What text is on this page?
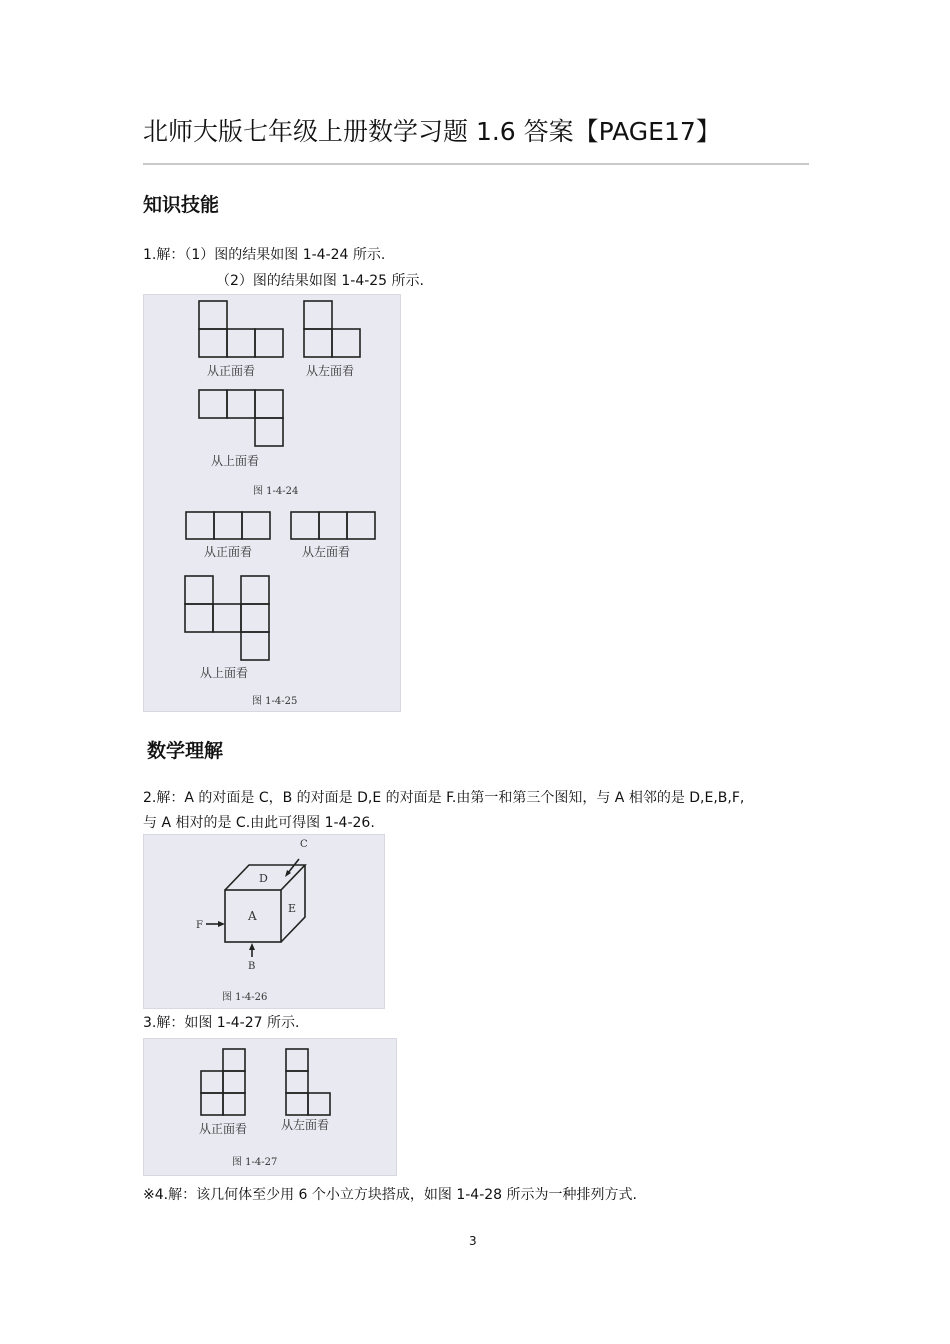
北师大版七年级上册数学习题 1.6 答案【PAGE17】
知识技能
1.解：（1）图的结果如图 1-4-24 所示.
（2）图的结果如图 1-4-25 所示.
从正面看	从左面看
从上面看
图 1-4-24
从正面看	从左面看
从上面看
图 1-4-25
数学理解
2.解：A 的对面是 C，B 的对面是 D,E 的对面是 F.由第一和第三个图知，与 A 相邻的是 D,E,B,F,
与 A 相对的是 C.由此可得图 1-4-26.
A
D
E
C
F
B
图 1-4-26
3.解：如图 1-4-27 所示.
从正面看	从左面看
图 1-4-27
※4.解：该几何体至少用 6 个小立方块搭成，如图 1-4-28 所示为一种排列方式.
3
